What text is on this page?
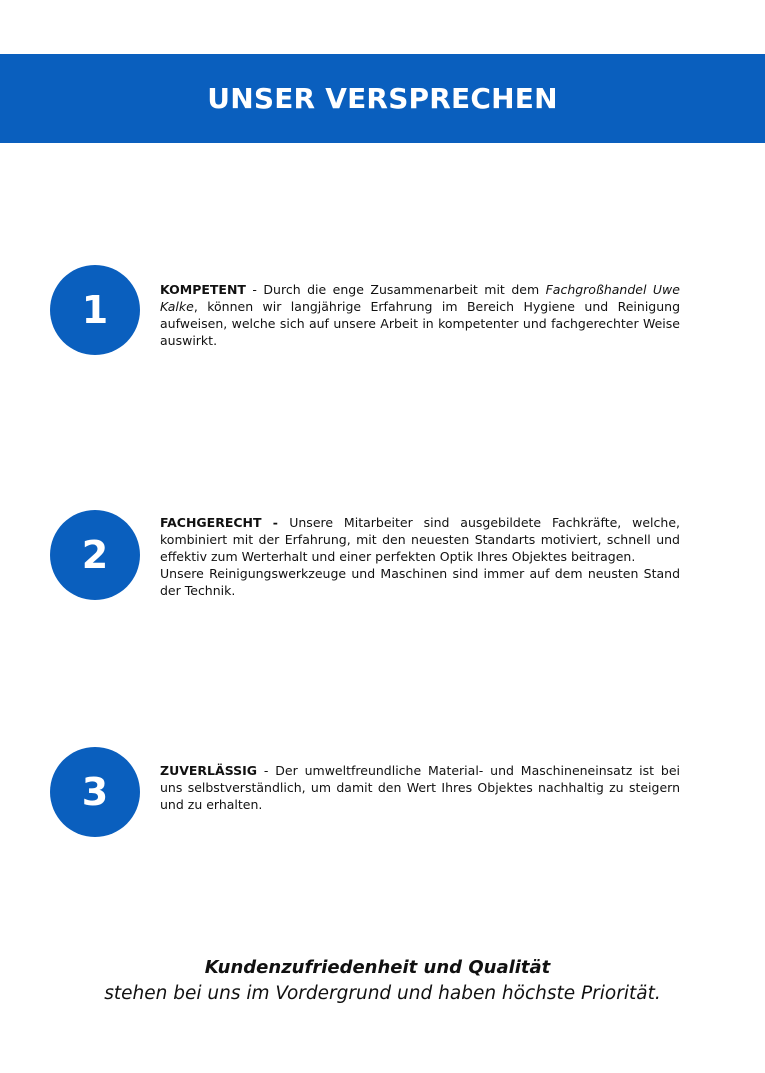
UNSER VERSPRECHEN
1	KOMPETENT - Durch die enge Zusammenarbeit mit dem Fachgroßhandel Uwe Kalke, können wir langjährige Erfahrung im Bereich Hygiene und Reinigung aufweisen, welche sich auf unsere Arbeit in kompetenter und fachgerechter Weise auswirkt.
2
FACHGERECHT - Unsere Mitarbeiter sind ausgebildete Fachkräfte, welche, kombiniert mit der Erfahrung, mit den neuesten Standarts motiviert, schnell und effektiv zum Werterhalt und einer perfekten Optik Ihres Objektes beitragen.
Unsere Reinigungswerkzeuge und Maschinen sind immer auf dem neusten Stand der Technik.
3	ZUVERLÄSSIG - Der umweltfreundliche Material- und Maschineneinsatz ist bei uns selbstverständlich, um damit den Wert Ihres Objektes nachhaltig zu steigern und zu erhalten.
Kundenzufriedenheit und Qualität
stehen bei uns im Vordergrund und haben höchste Priorität.
